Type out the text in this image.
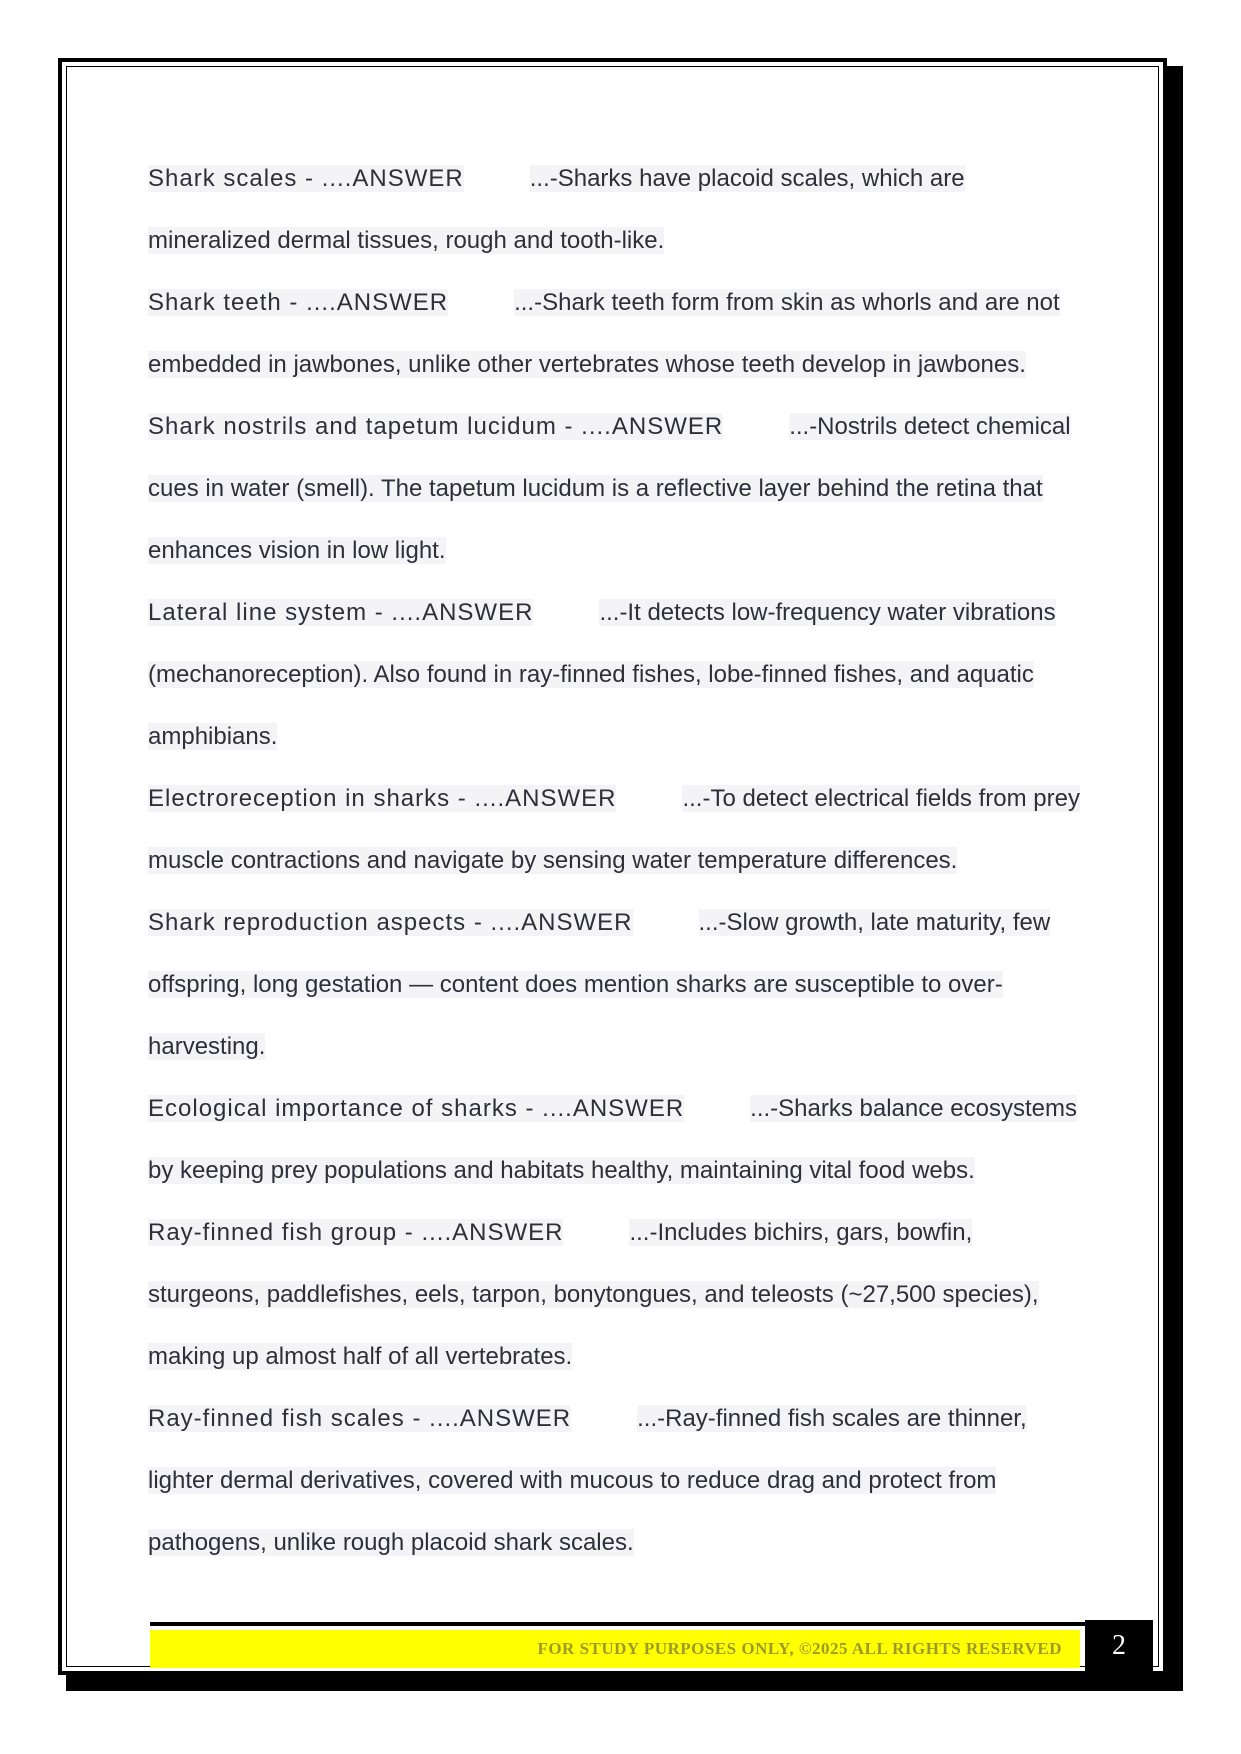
Shark scales - ....ANSWER	...-Sharks have placoid scales, which are mineralized dermal tissues, rough and tooth-like.

Shark teeth - ....ANSWER	...-Shark teeth form from skin as whorls and are not embedded in jawbones, unlike other vertebrates whose teeth develop in jawbones.

Shark nostrils and tapetum lucidum - ....ANSWER	...-Nostrils detect chemical cues in water (smell). The tapetum lucidum is a reflective layer behind the retina that enhances vision in low light.

Lateral line system - ....ANSWER	...-It detects low-frequency water vibrations (mechanoreception). Also found in ray-finned fishes, lobe-finned fishes, and aquatic amphibians.

Electroreception in sharks - ....ANSWER	...-To detect electrical fields from prey muscle contractions and navigate by sensing water temperature differences.

Shark reproduction aspects - ....ANSWER	...-Slow growth, late maturity, few offspring, long gestation — content does mention sharks are susceptible to over-harvesting.

Ecological importance of sharks - ....ANSWER	...-Sharks balance ecosystems by keeping prey populations and habitats healthy, maintaining vital food webs.

Ray-finned fish group - ....ANSWER	...-Includes bichirs, gars, bowfin, sturgeons, paddlefishes, eels, tarpon, bonytongues, and teleosts (~27,500 species), making up almost half of all vertebrates.

Ray-finned fish scales - ....ANSWER	...-Ray-finned fish scales are thinner, lighter dermal derivatives, covered with mucous to reduce drag and protect from pathogens, unlike rough placoid shark scales.

FOR STUDY PURPOSES ONLY, ©2025 ALL RIGHTS RESERVED	2
